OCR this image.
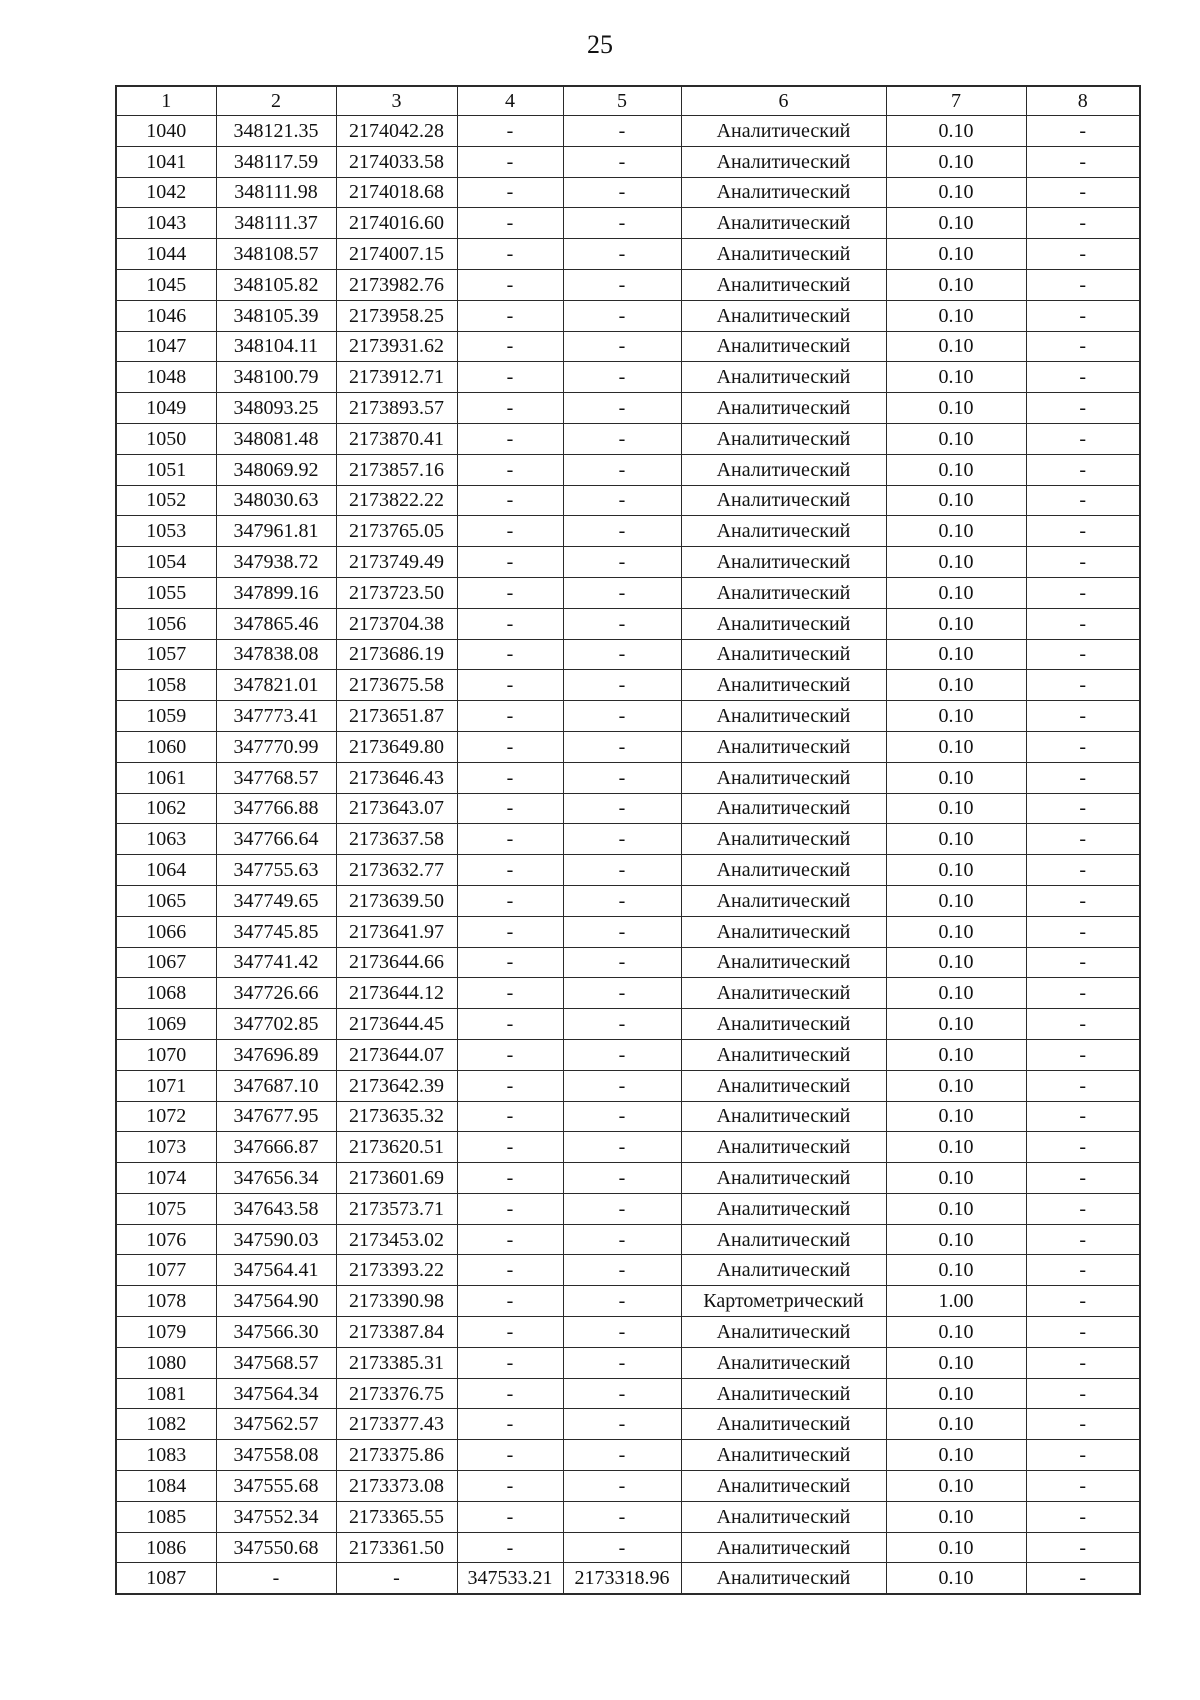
25
1	2	3	4	5	6	7	8
1040	348121.35	2174042.28	-	-	Аналитический	0.10	-
1041	348117.59	2174033.58	-	-	Аналитический	0.10	-
1042	348111.98	2174018.68	-	-	Аналитический	0.10	-
1043	348111.37	2174016.60	-	-	Аналитический	0.10	-
1044	348108.57	2174007.15	-	-	Аналитический	0.10	-
1045	348105.82	2173982.76	-	-	Аналитический	0.10	-
1046	348105.39	2173958.25	-	-	Аналитический	0.10	-
1047	348104.11	2173931.62	-	-	Аналитический	0.10	-
1048	348100.79	2173912.71	-	-	Аналитический	0.10	-
1049	348093.25	2173893.57	-	-	Аналитический	0.10	-
1050	348081.48	2173870.41	-	-	Аналитический	0.10	-
1051	348069.92	2173857.16	-	-	Аналитический	0.10	-
1052	348030.63	2173822.22	-	-	Аналитический	0.10	-
1053	347961.81	2173765.05	-	-	Аналитический	0.10	-
1054	347938.72	2173749.49	-	-	Аналитический	0.10	-
1055	347899.16	2173723.50	-	-	Аналитический	0.10	-
1056	347865.46	2173704.38	-	-	Аналитический	0.10	-
1057	347838.08	2173686.19	-	-	Аналитический	0.10	-
1058	347821.01	2173675.58	-	-	Аналитический	0.10	-
1059	347773.41	2173651.87	-	-	Аналитический	0.10	-
1060	347770.99	2173649.80	-	-	Аналитический	0.10	-
1061	347768.57	2173646.43	-	-	Аналитический	0.10	-
1062	347766.88	2173643.07	-	-	Аналитический	0.10	-
1063	347766.64	2173637.58	-	-	Аналитический	0.10	-
1064	347755.63	2173632.77	-	-	Аналитический	0.10	-
1065	347749.65	2173639.50	-	-	Аналитический	0.10	-
1066	347745.85	2173641.97	-	-	Аналитический	0.10	-
1067	347741.42	2173644.66	-	-	Аналитический	0.10	-
1068	347726.66	2173644.12	-	-	Аналитический	0.10	-
1069	347702.85	2173644.45	-	-	Аналитический	0.10	-
1070	347696.89	2173644.07	-	-	Аналитический	0.10	-
1071	347687.10	2173642.39	-	-	Аналитический	0.10	-
1072	347677.95	2173635.32	-	-	Аналитический	0.10	-
1073	347666.87	2173620.51	-	-	Аналитический	0.10	-
1074	347656.34	2173601.69	-	-	Аналитический	0.10	-
1075	347643.58	2173573.71	-	-	Аналитический	0.10	-
1076	347590.03	2173453.02	-	-	Аналитический	0.10	-
1077	347564.41	2173393.22	-	-	Аналитический	0.10	-
1078	347564.90	2173390.98	-	-	Картометрический	1.00	-
1079	347566.30	2173387.84	-	-	Аналитический	0.10	-
1080	347568.57	2173385.31	-	-	Аналитический	0.10	-
1081	347564.34	2173376.75	-	-	Аналитический	0.10	-
1082	347562.57	2173377.43	-	-	Аналитический	0.10	-
1083	347558.08	2173375.86	-	-	Аналитический	0.10	-
1084	347555.68	2173373.08	-	-	Аналитический	0.10	-
1085	347552.34	2173365.55	-	-	Аналитический	0.10	-
1086	347550.68	2173361.50	-	-	Аналитический	0.10	-
1087	-	-	347533.21	2173318.96	Аналитический	0.10	-
